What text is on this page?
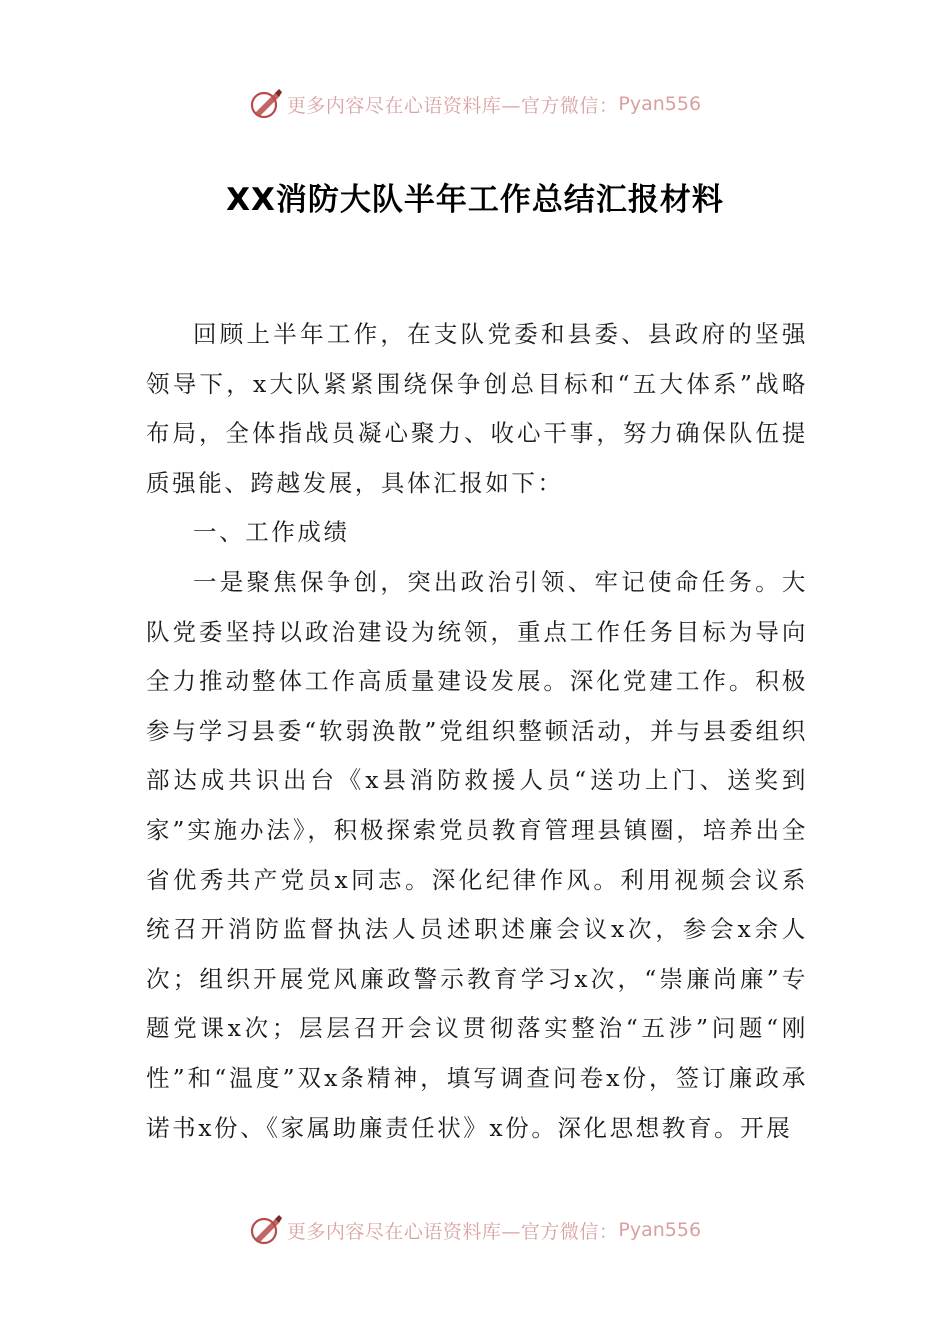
更多内容尽在心语资料库—官方微信： Pyan556
XX消防大队半年工作总结汇报材料

回顾上半年工作，在支队党委和县委、县政府的坚强领导下，x大队紧紧围绕保争创总目标和“五大体系”战略布局，全体指战员凝心聚力、收心干事，努力确保队伍提质强能、跨越发展，具体汇报如下：

一、工作成绩

一是聚焦保争创，突出政治引领、牢记使命任务。大队党委坚持以政治建设为统领，重点工作任务目标为导向全力推动整体工作高质量建设发展。深化党建工作。积极参与学习县委“软弱涣散”党组织整顿活动，并与县委组织部达成共识出台《x县消防救援人员“送功上门、送奖到家”实施办法》，积极探索党员教育管理县镇圈，培养出全省优秀共产党员x同志。深化纪律作风。利用视频会议系统召开消防监督执法人员述职述廉会议x次，参会x余人次；组织开展党风廉政警示教育学习x次，“崇廉尚廉”专题党课x次；层层召开会议贯彻落实整治“五涉”问题“刚性”和“温度”双x条精神，填写调查问卷x份，签订廉政承诺书x份、《家属助廉责任状》x份。深化思想教育。开展

更多内容尽在心语资料库—官方微信： Pyan556
